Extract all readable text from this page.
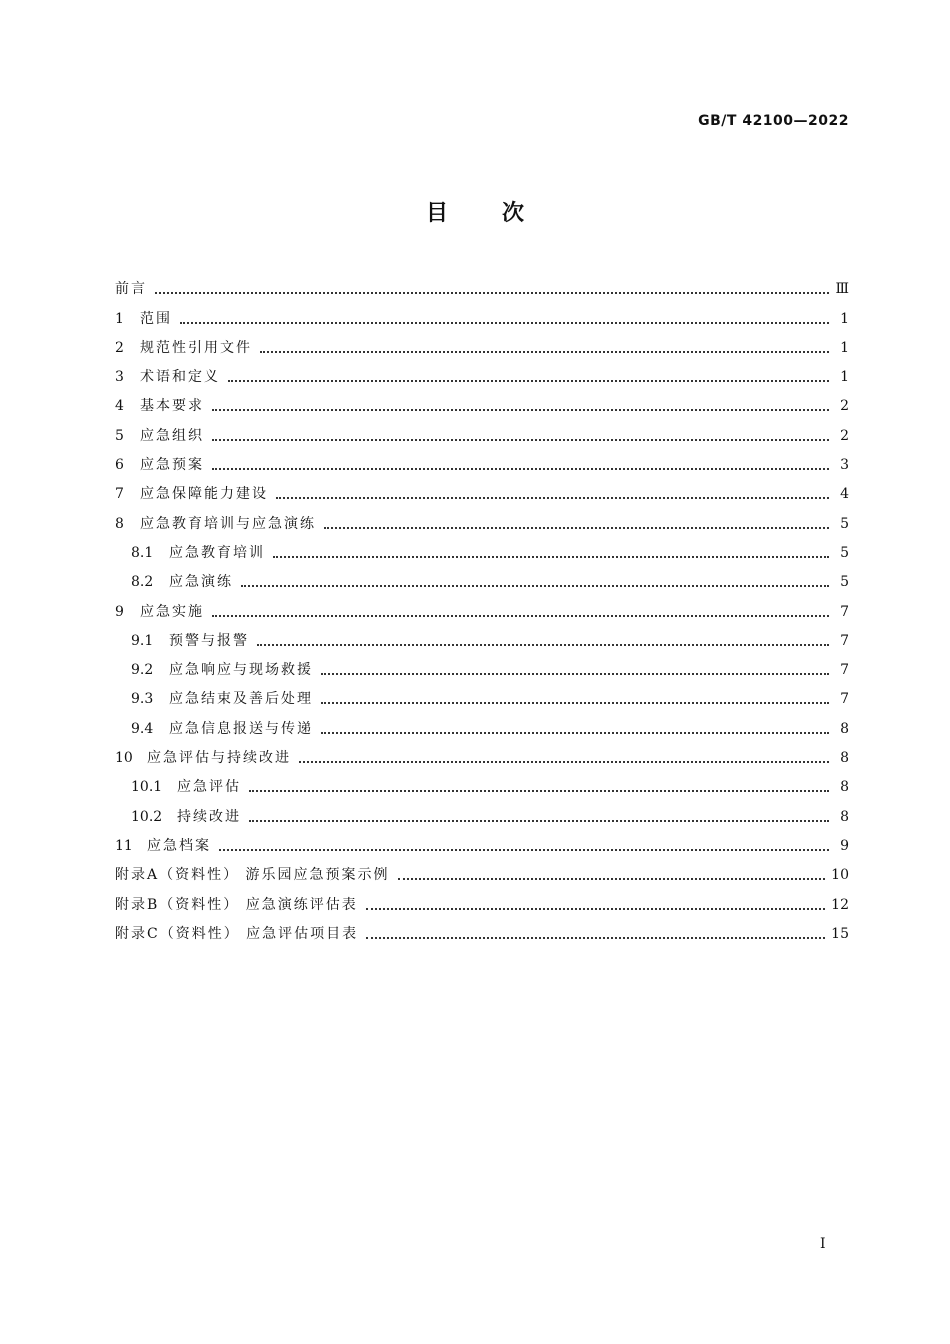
GB/T 42100—2022
目次
前言	Ⅲ
1	范围	1
2	规范性引用文件	1
3	术语和定义	1
4	基本要求	2
5	应急组织	2
6	应急预案	3
7	应急保障能力建设	4
8	应急教育培训与应急演练	5
8.1	应急教育培训	5
8.2	应急演练	5
9	应急实施	7
9.1	预警与报警	7
9.2	应急响应与现场救援	7
9.3	应急结束及善后处理	7
9.4	应急信息报送与传递	8
10	应急评估与持续改进	8
10.1	应急评估	8
10.2	持续改进	8
11	应急档案	9
附录A（资料性） 游乐园应急预案示例	10
附录B（资料性） 应急演练评估表	12
附录C（资料性） 应急评估项目表	15
Ⅰ
